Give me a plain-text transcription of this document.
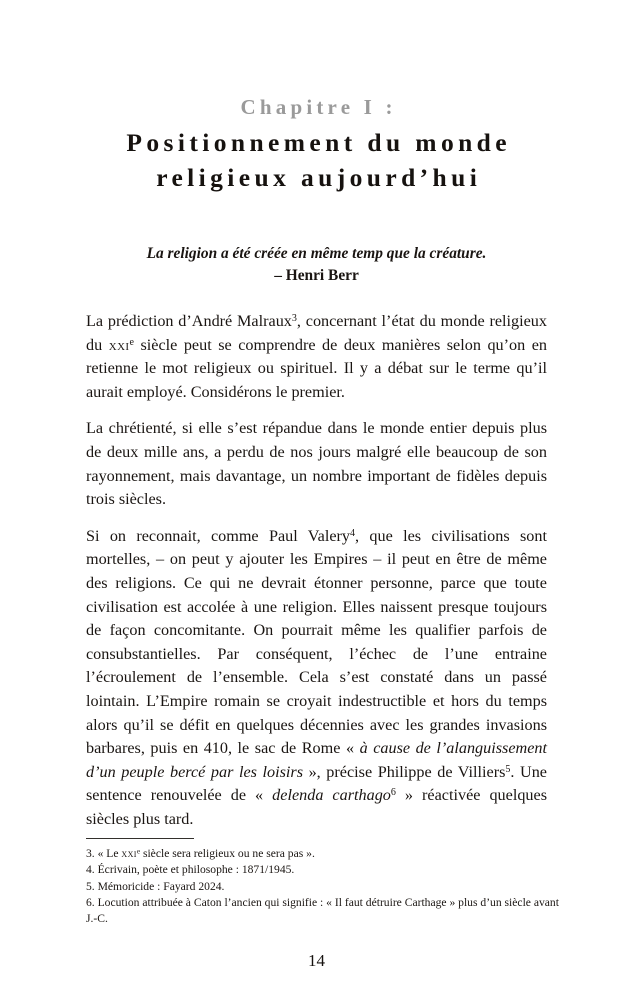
Chapitre I :
Positionnement du monde
religieux aujourd’hui
La religion a été créée en même temp que la créature.
– Henri Berr

La prédiction d’André Malraux$^3$, concernant l’état du monde religieux du xxi$^e$ siècle peut se comprendre de deux manières selon qu’on en retienne le mot religieux ou spirituel. Il y a débat sur le terme qu’il aurait employé. Considérons le premier.

La chrétienté, si elle s’est répandue dans le monde entier depuis plus de deux mille ans, a perdu de nos jours malgré elle beaucoup de son rayonnement, mais davantage, un nombre important de fidèles depuis trois siècles.

Si on reconnait, comme Paul Valery$^4$, que les civilisations sont mortelles, – on peut y ajouter les Empires – il peut en être de même des religions. Ce qui ne devrait étonner personne, parce que toute civilisation est accolée à une religion. Elles naissent presque toujours de façon concomitante. On pourrait même les qualifier parfois de consubstantielles. Par conséquent, l’échec de l’une entraine l’écroulement de l’ensemble. Cela s’est constaté dans un passé lointain. L’Empire romain se croyait indestructible et hors du temps alors qu’il se défit en quelques décennies avec les grandes invasions barbares, puis en 410, le sac de Rome « à cause de l’alanguissement d’un peuple bercé par les loisirs », précise Philippe de Villiers$^5$. Une sentence renouvelée de « delenda carthago$^6$ » réactivée quelques siècles plus tard.

3. « Le xxi$^e$ siècle sera religieux ou ne sera pas ».

4. Écrivain, poète et philosophe : 1871/1945.

5. Mémoricide : Fayard 2024.

6. Locution attribuée à Caton l’ancien qui signifie : « Il faut détruire Carthage » plus d’un siècle avant J.-C.

14
